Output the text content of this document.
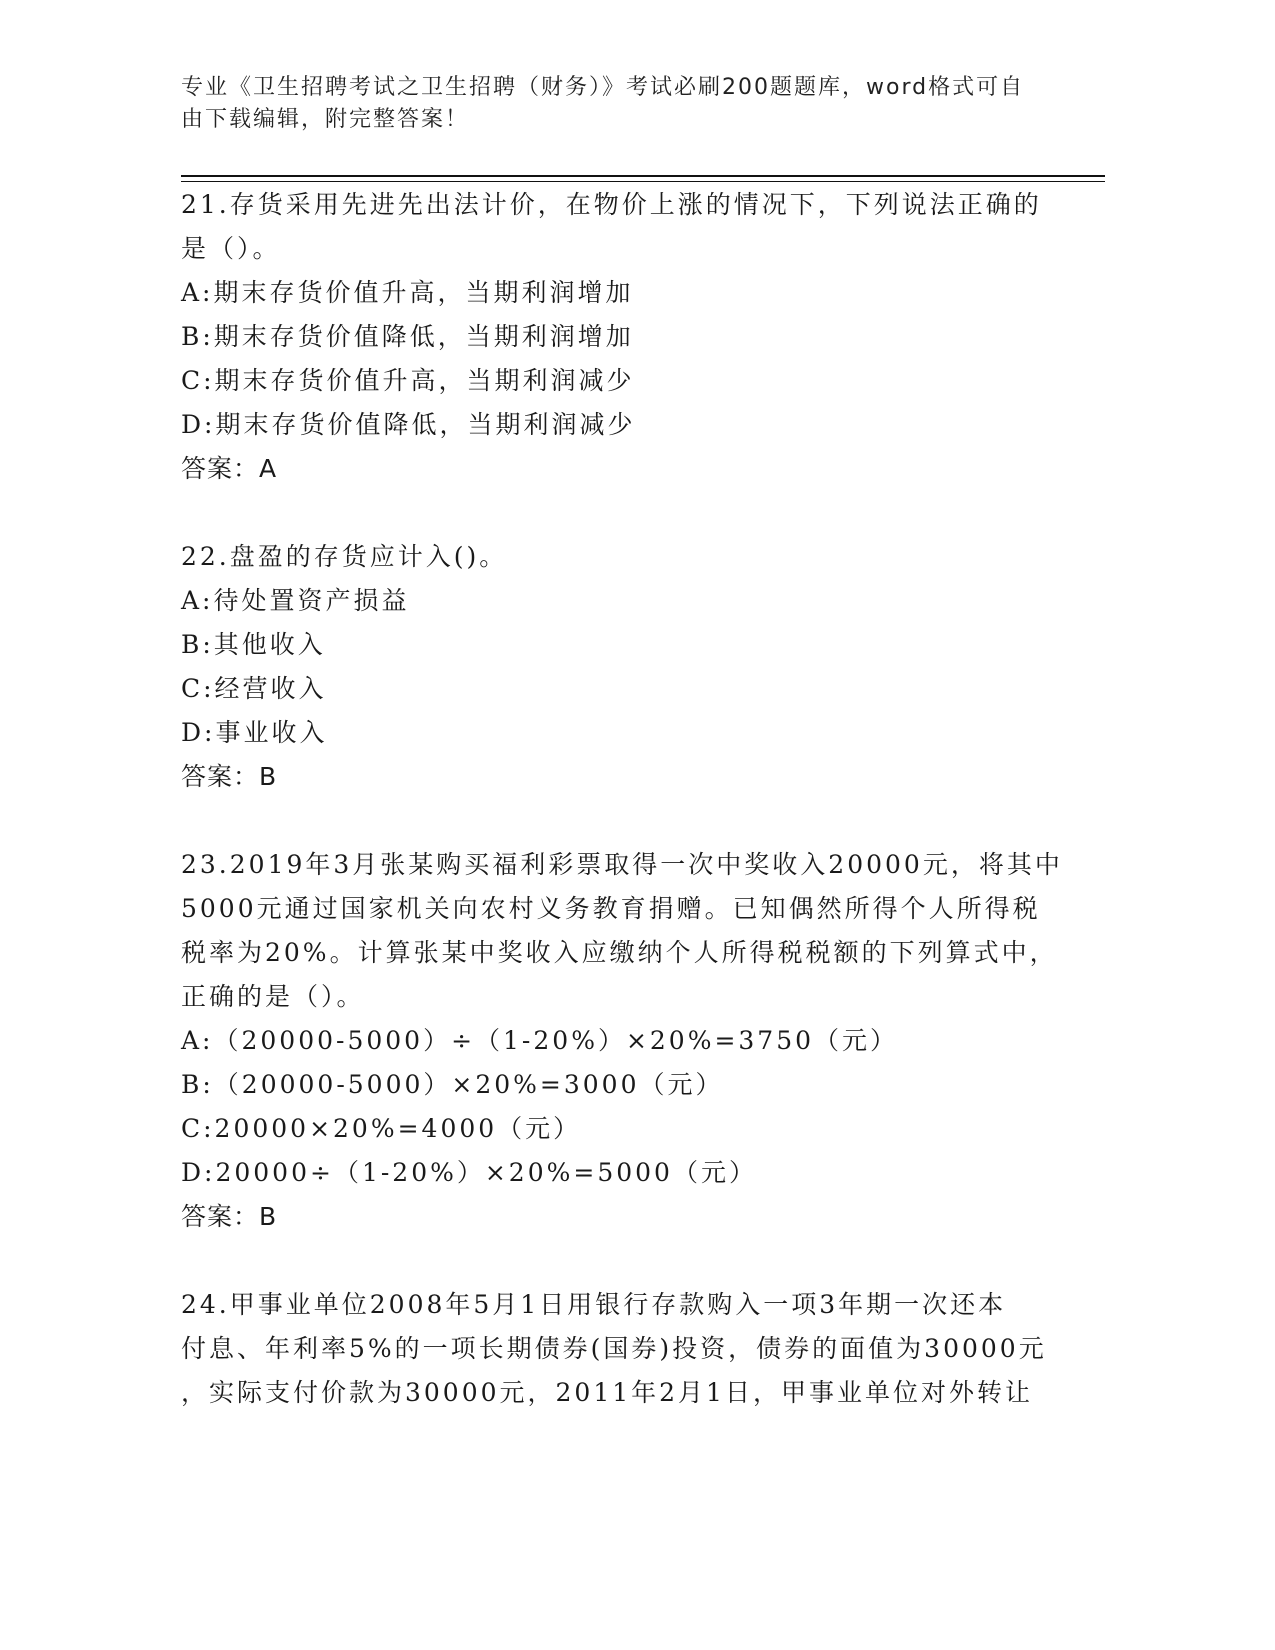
专业《卫生招聘考试之卫生招聘（财务）》考试必刷200题题库，word格式可自
由下载编辑，附完整答案！
21.存货采用先进先出法计价，在物价上涨的情况下，下列说法正确的
是（）。
A:期末存货价值升高，当期利润增加
B:期末存货价值降低，当期利润增加
C:期末存货价值升高，当期利润减少
D:期末存货价值降低，当期利润减少
答案：A
22.盘盈的存货应计入()。
A:待处置资产损益
B:其他收入
C:经营收入
D:事业收入
答案：B
23.2019年3月张某购买福利彩票取得一次中奖收入20000元，将其中
5000元通过国家机关向农村义务教育捐赠。已知偶然所得个人所得税
税率为20%。计算张某中奖收入应缴纳个人所得税税额的下列算式中，
正确的是（）。
A:（20000-5000）÷（1-20%）×20%=3750（元）
B:（20000-5000）×20%=3000（元）
C:20000×20%=4000（元）
D:20000÷（1-20%）×20%=5000（元）
答案：B
24.甲事业单位2008年5月1日用银行存款购入一项3年期一次还本
付息、年利率5%的一项长期债券(国券)投资，债券的面值为30000元
，实际支付价款为30000元，2011年2月1日，甲事业单位对外转让
